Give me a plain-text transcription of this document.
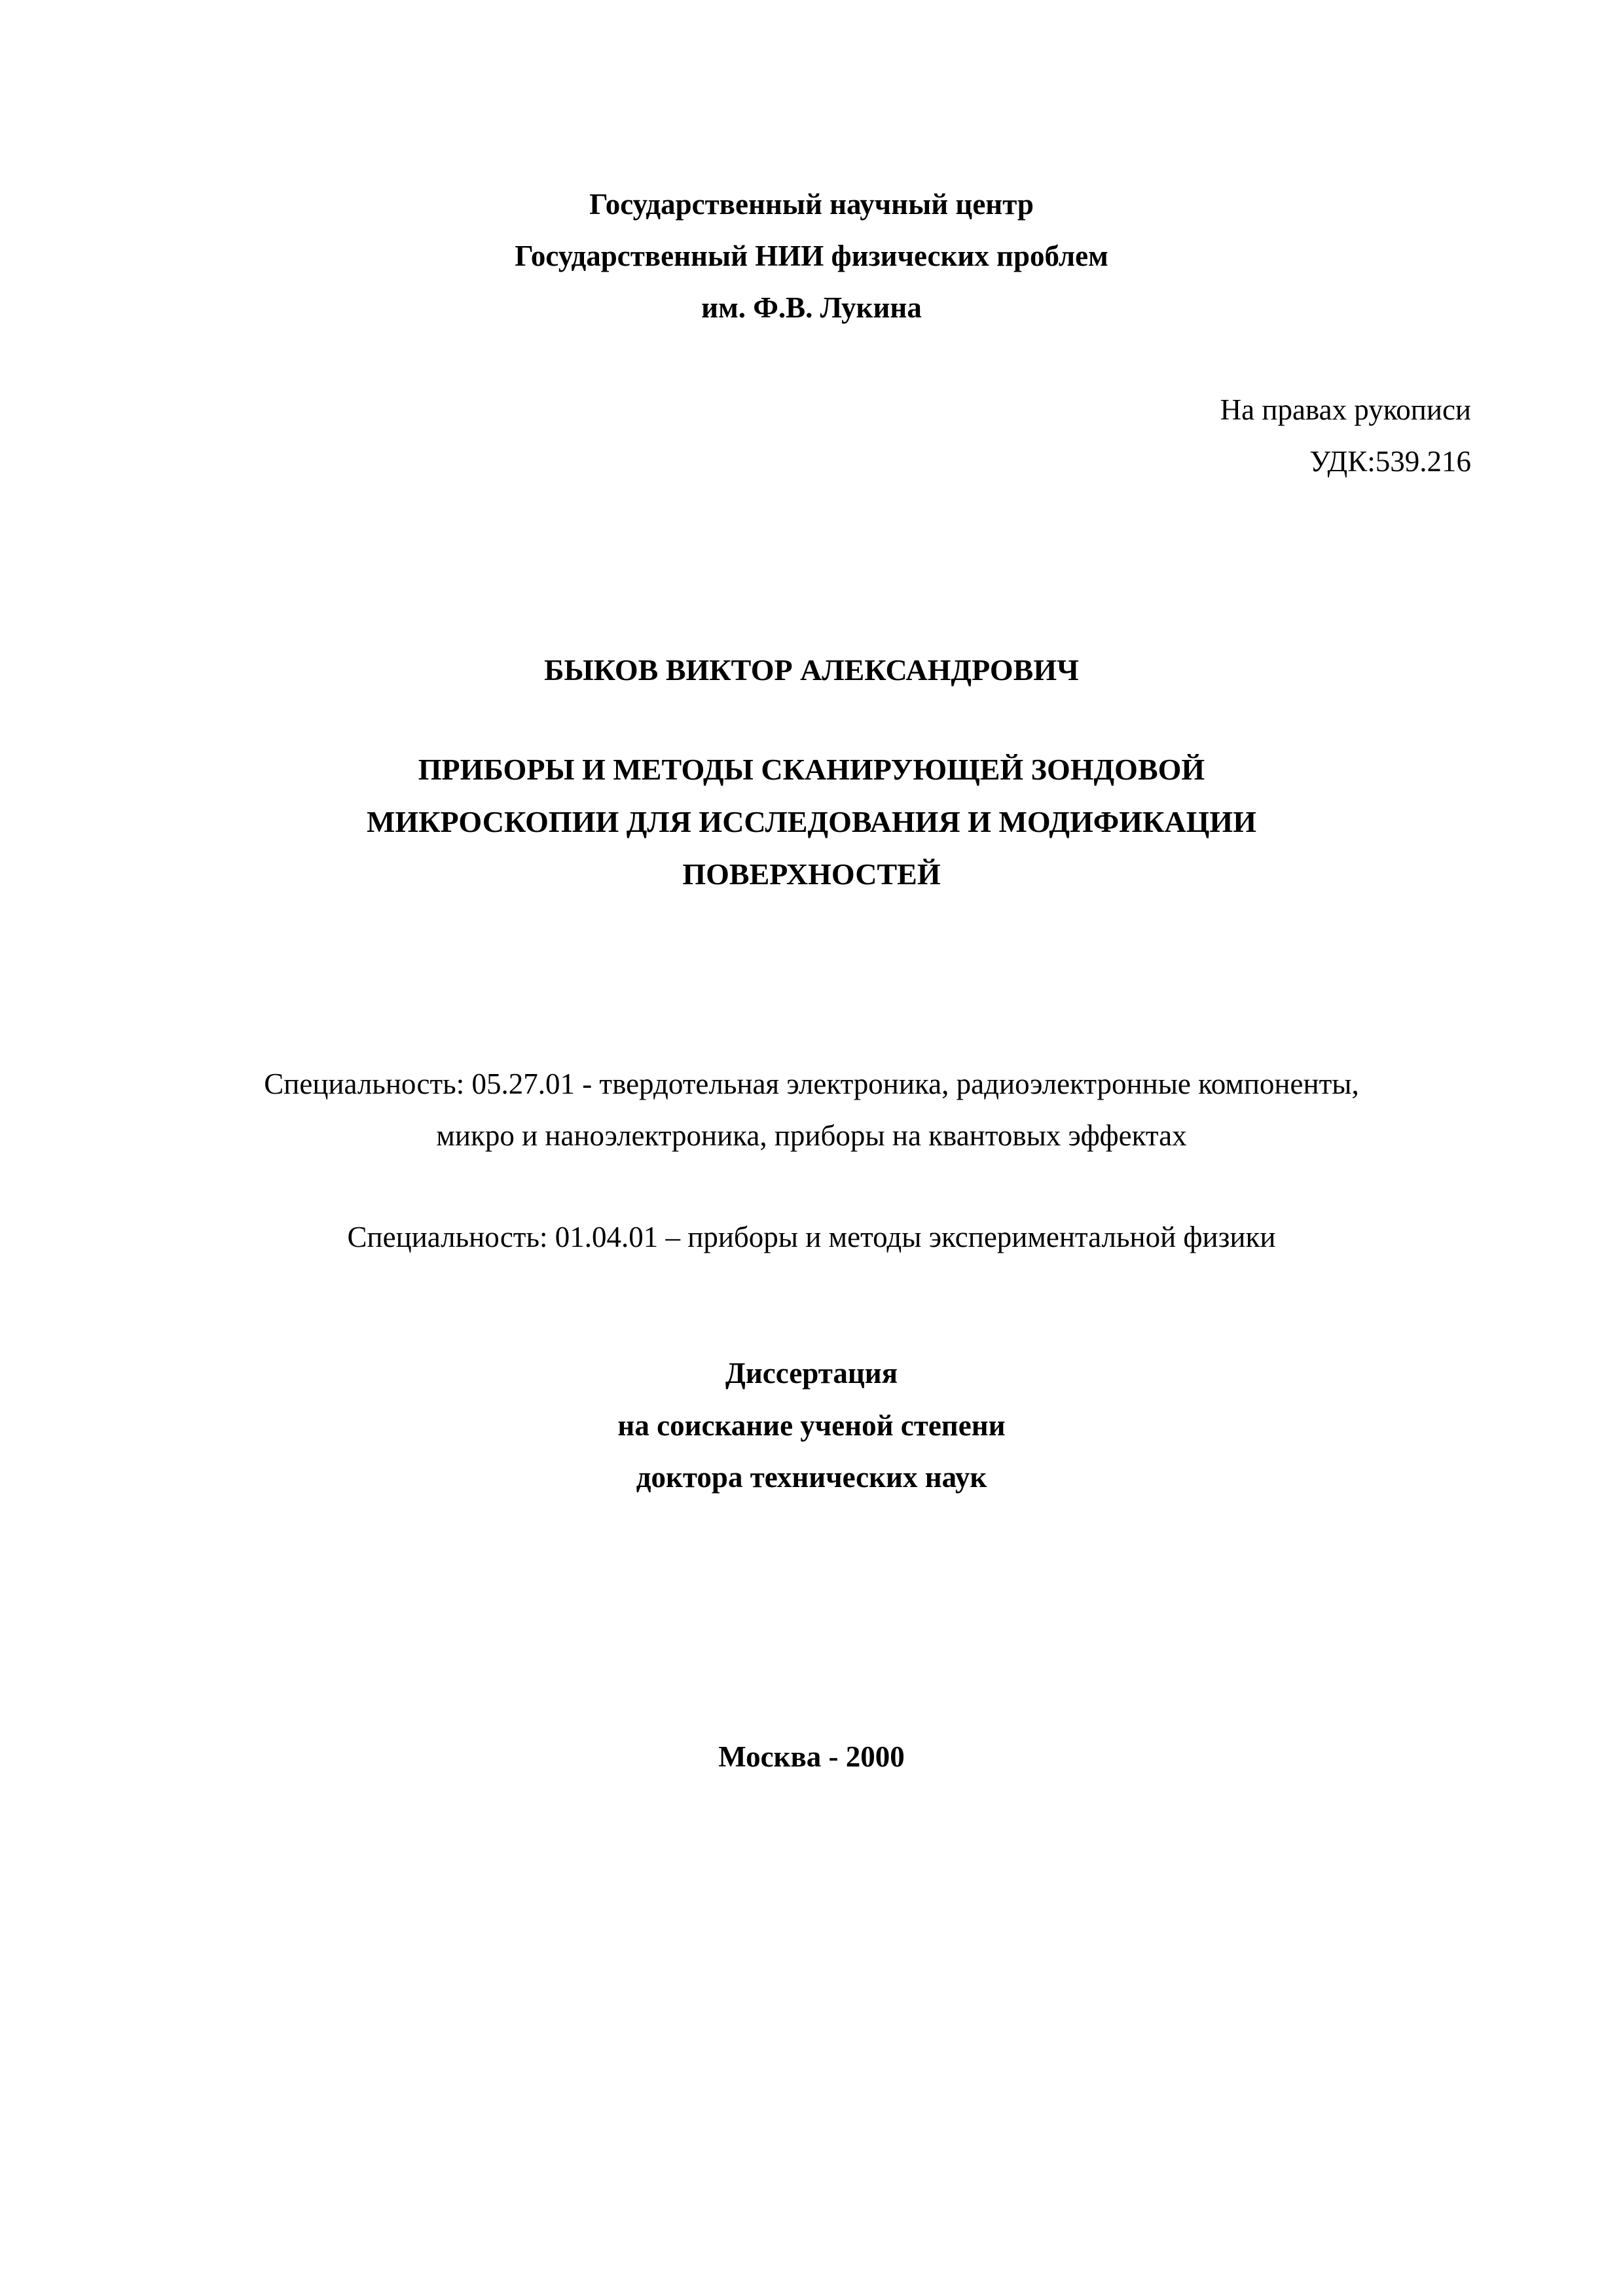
Государственный научный центр
Государственный НИИ физических проблем
им. Ф.В. Лукина
На правах рукописи
УДК:539.216
БЫКОВ ВИКТОР АЛЕКСАНДРОВИЧ
ПРИБОРЫ И МЕТОДЫ СКАНИРУЮЩЕЙ ЗОНДОВОЙ
МИКРОСКОПИИ ДЛЯ ИССЛЕДОВАНИЯ И МОДИФИКАЦИИ
ПОВЕРХНОСТЕЙ
Специальность: 05.27.01 - твердотельная электроника, радиоэлектронные компоненты,
микро и наноэлектроника, приборы на квантовых эффектах
Специальность: 01.04.01 – приборы и методы экспериментальной физики
Диссертация
на соискание ученой степени
доктора технических наук
Москва - 2000
